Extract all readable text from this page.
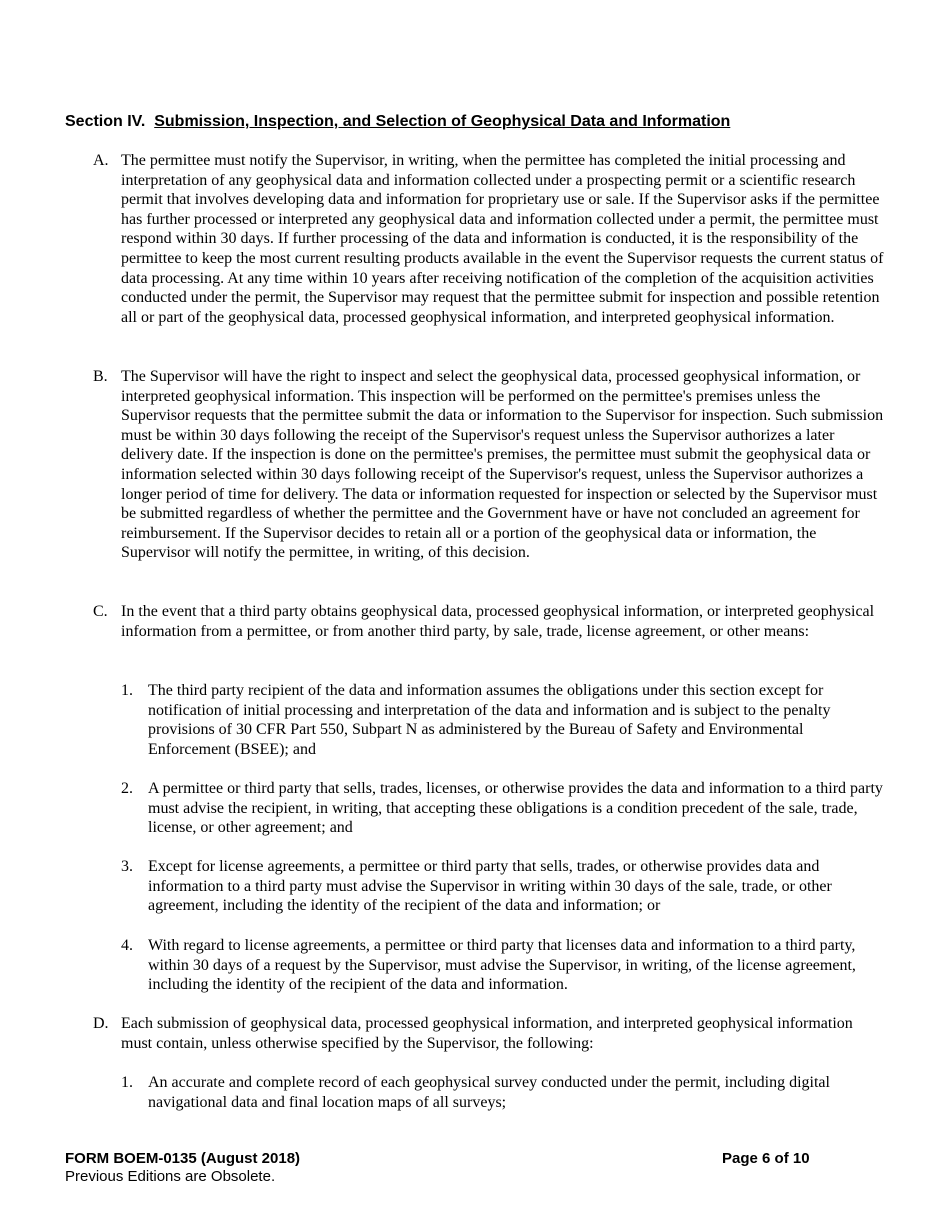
Section IV. Submission, Inspection, and Selection of Geophysical Data and Information
A. The permittee must notify the Supervisor, in writing, when the permittee has completed the initial processing and interpretation of any geophysical data and information collected under a prospecting permit or a scientific research permit that involves developing data and information for proprietary use or sale. If the Supervisor asks if the permittee has further processed or interpreted any geophysical data and information collected under a permit, the permittee must respond within 30 days. If further processing of the data and information is conducted, it is the responsibility of the permittee to keep the most current resulting products available in the event the Supervisor requests the current status of data processing. At any time within 10 years after receiving notification of the completion of the acquisition activities conducted under the permit, the Supervisor may request that the permittee submit for inspection and possible retention all or part of the geophysical data, processed geophysical information, and interpreted geophysical information.
B. The Supervisor will have the right to inspect and select the geophysical data, processed geophysical information, or interpreted geophysical information. This inspection will be performed on the permittee's premises unless the Supervisor requests that the permittee submit the data or information to the Supervisor for inspection. Such submission must be within 30 days following the receipt of the Supervisor's request unless the Supervisor authorizes a later delivery date. If the inspection is done on the permittee's premises, the permittee must submit the geophysical data or information selected within 30 days following receipt of the Supervisor's request, unless the Supervisor authorizes a longer period of time for delivery. The data or information requested for inspection or selected by the Supervisor must be submitted regardless of whether the permittee and the Government have or have not concluded an agreement for reimbursement. If the Supervisor decides to retain all or a portion of the geophysical data or information, the Supervisor will notify the permittee, in writing, of this decision.
C. In the event that a third party obtains geophysical data, processed geophysical information, or interpreted geophysical information from a permittee, or from another third party, by sale, trade, license agreement, or other means:
1. The third party recipient of the data and information assumes the obligations under this section except for notification of initial processing and interpretation of the data and information and is subject to the penalty provisions of 30 CFR Part 550, Subpart N as administered by the Bureau of Safety and Environmental Enforcement (BSEE); and
2. A permittee or third party that sells, trades, licenses, or otherwise provides the data and information to a third party must advise the recipient, in writing, that accepting these obligations is a condition precedent of the sale, trade, license, or other agreement; and
3. Except for license agreements, a permittee or third party that sells, trades, or otherwise provides data and information to a third party must advise the Supervisor in writing within 30 days of the sale, trade, or other agreement, including the identity of the recipient of the data and information; or
4. With regard to license agreements, a permittee or third party that licenses data and information to a third party, within 30 days of a request by the Supervisor, must advise the Supervisor, in writing, of the license agreement, including the identity of the recipient of the data and information.
D. Each submission of geophysical data, processed geophysical information, and interpreted geophysical information must contain, unless otherwise specified by the Supervisor, the following:
1. An accurate and complete record of each geophysical survey conducted under the permit, including digital navigational data and final location maps of all surveys;
FORM BOEM-0135 (August 2018)
Previous Editions are Obsolete.
Page 6 of 10
